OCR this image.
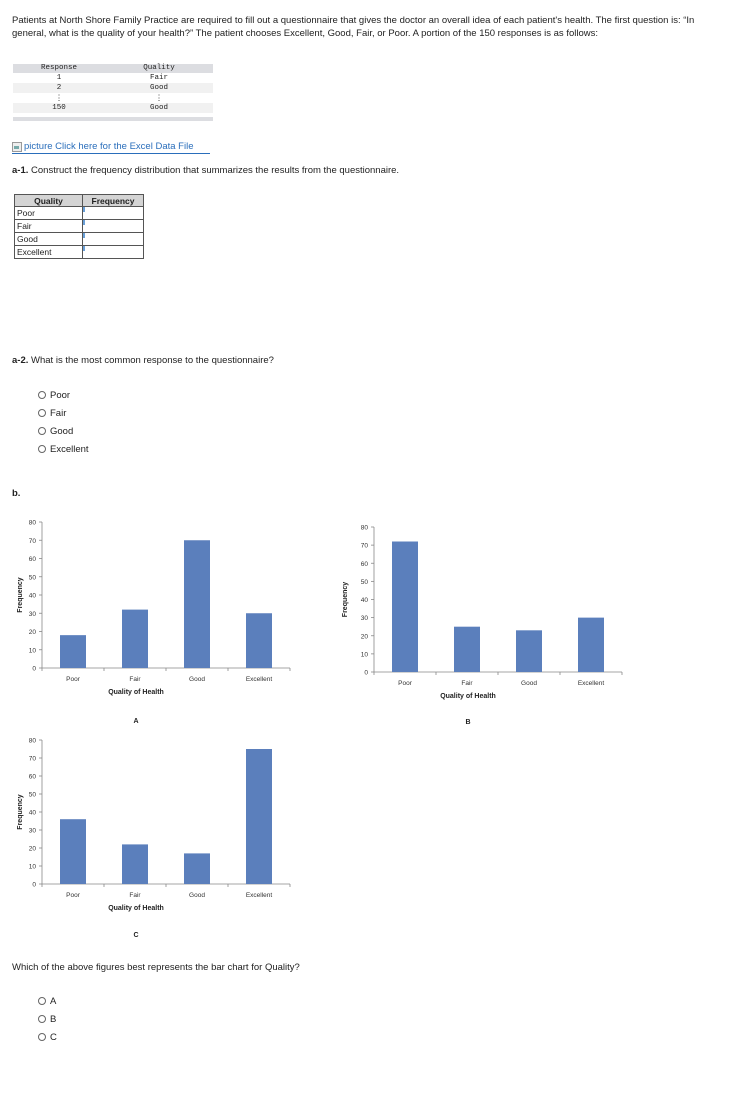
Patients at North Shore Family Practice are required to fill out a questionnaire that gives the doctor an overall idea of each patient's health. The first question is: “In general, what is the quality of your health?” The patient chooses Excellent, Good, Fair, or Poor. A portion of the 150 responses is as follows:
Response	Quality
1	Fair
2	Good
⋮	⋮
150	Good
picture Click here for the Excel Data File
a-1. Construct the frequency distribution that summarizes the results from the questionnaire.
Quality	Frequency
Poor	

Fair	

Good	

Excellent	
a-2. What is the most common response to the questionnaire?
Poor
Fair
Good
Excellent
b.
0
10
20
30
40
50
60
70
80
Poor	Fair	Good	Excellent
Quality of Health
Frequency
A
0
10
20
30
40
50
60
70
80
Poor	Fair	Good	Excellent
Quality of Health
Frequency
B
0
10
20
30
40
50
60
70
80
Poor	Fair	Good	Excellent
Quality of Health
Frequency
C
Which of the above figures best represents the bar chart for Quality?
A
B
C
